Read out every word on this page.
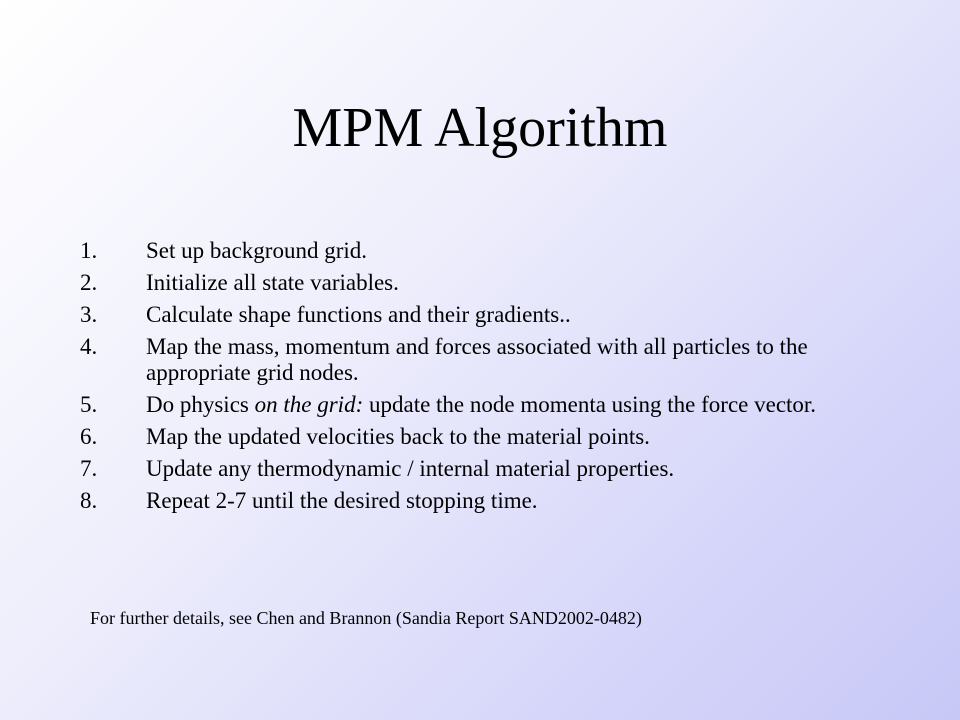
MPM Algorithm
1.	Set up background grid.
2.	Initialize all state variables.
3.	Calculate shape functions and their gradients..
4.	Map the mass, momentum and forces associated with all particles to the appropriate grid nodes.
5.	Do physics on the grid: update the node momenta using the force vector.
6.	Map the updated velocities back to the material points.
7.	Update any thermodynamic / internal material properties.
8.	Repeat 2-7 until the desired stopping time.

For further details, see Chen and Brannon (Sandia Report SAND2002-0482)
